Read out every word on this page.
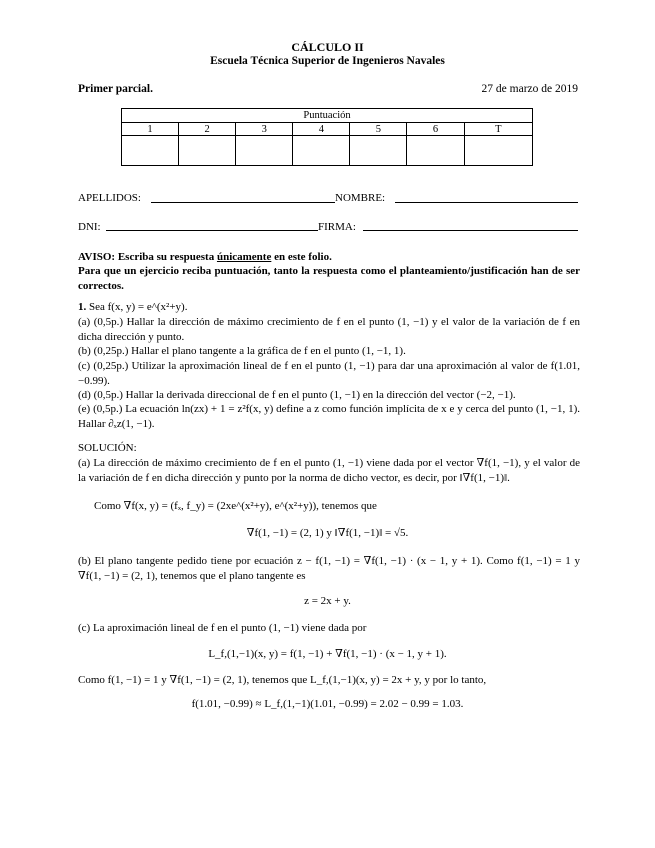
CÁLCULO II
Escuela Técnica Superior de Ingenieros Navales
Primer parcial.	27 de marzo de 2019
Puntuación						
1	2	3	4	5	6	T

APELLIDOS:	NOMBRE:
DNI:	FIRMA:
AVISO: Escriba su respuesta únicamente en este folio.
Para que un ejercicio reciba puntuación, tanto la respuesta como el planteamiento/justificación han de ser correctos.
1. Sea f(x, y) = e^(x²+y).
(a) (0,5p.) Hallar la dirección de máximo crecimiento de f en el punto (1, −1) y el valor de la variación de f en dicha dirección y punto.
(b) (0,25p.) Hallar el plano tangente a la gráfica de f en el punto (1, −1, 1).
(c) (0,25p.) Utilizar la aproximación lineal de f en el punto (1, −1) para dar una aproximación al valor de f(1.01, −0.99).
(d) (0,5p.) Hallar la derivada direccional de f en el punto (1, −1) en la dirección del vector (−2, −1).
(e) (0,5p.) La ecuación ln(zx) + 1 = z²f(x, y) define a z como función implícita de x e y cerca del punto (1, −1, 1). Hallar ∂ₓz(1, −1).
SOLUCIÓN:
(a) La dirección de máximo crecimiento de f en el punto (1, −1) viene dada por el vector ∇f(1, −1), y el valor de la variación de f en dicha dirección y punto por la norma de dicho vector, es decir, por ‖∇f(1, −1)‖.
Como ∇f(x, y) = (fₓ, f_y) = (2xe^(x²+y), e^(x²+y)), tenemos que
∇f(1, −1) = (2, 1) y ‖∇f(1, −1)‖ = √5.
(b) El plano tangente pedido tiene por ecuación z − f(1, −1) = ∇f(1, −1) · (x − 1, y + 1). Como f(1, −1) = 1 y ∇f(1, −1) = (2, 1), tenemos que el plano tangente es
z = 2x + y.
(c) La aproximación lineal de f en el punto (1, −1) viene dada por
L_f,(1,−1)(x, y) = f(1, −1) + ∇f(1, −1) · (x − 1, y + 1).
Como f(1, −1) = 1 y ∇f(1, −1) = (2, 1), tenemos que L_f,(1,−1)(x, y) = 2x + y, y por lo tanto,
f(1.01, −0.99) ≈ L_f,(1,−1)(1.01, −0.99) = 2.02 − 0.99 = 1.03.
